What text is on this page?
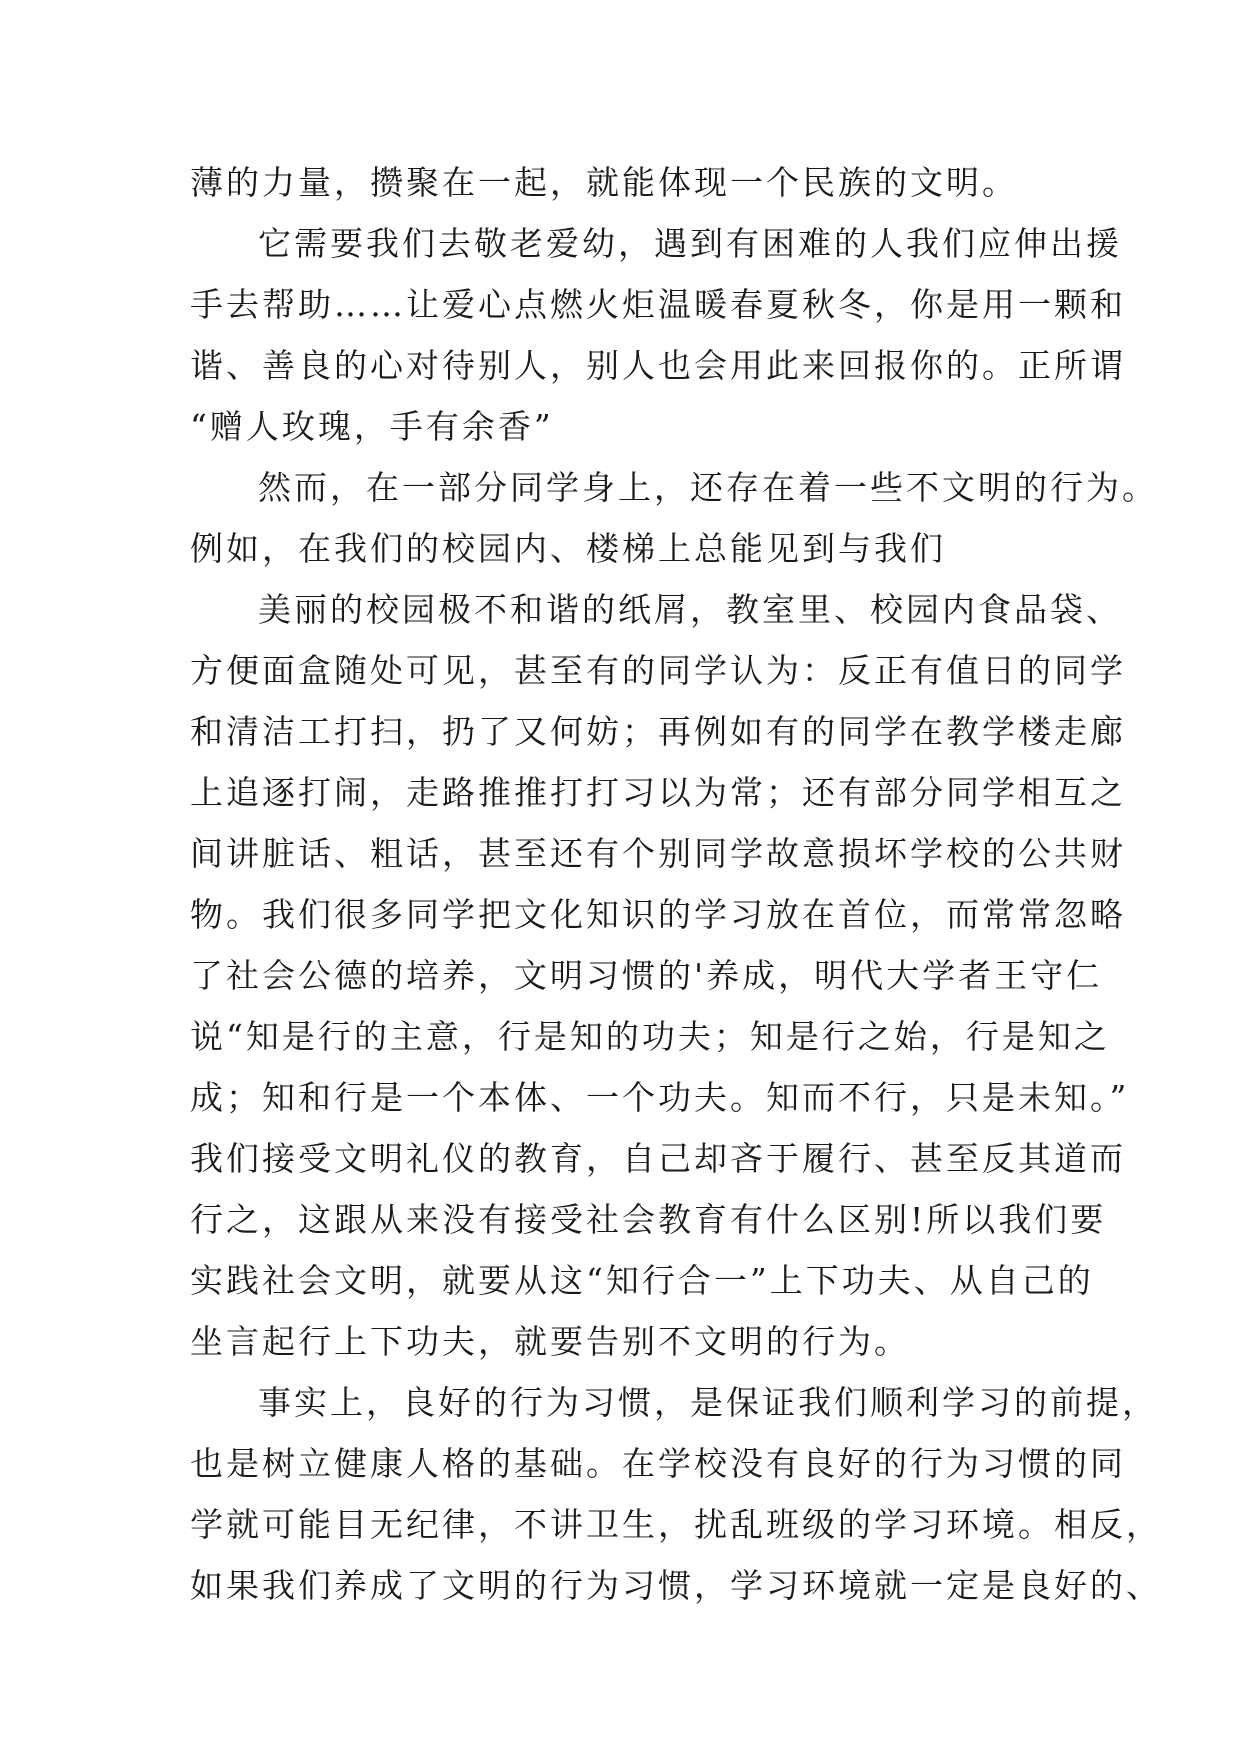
薄的力量，攒聚在一起，就能体现一个民族的文明。
它需要我们去敬老爱幼，遇到有困难的人我们应伸出援
手去帮助……让爱心点燃火炬温暖春夏秋冬，你是用一颗和
谐、善良的心对待别人，别人也会用此来回报你的。正所谓
“赠人玫瑰，手有余香”
然而，在一部分同学身上，还存在着一些不文明的行为。
例如，在我们的校园内、楼梯上总能见到与我们
美丽的校园极不和谐的纸屑，教室里、校园内食品袋、
方便面盒随处可见，甚至有的同学认为：反正有值日的同学
和清洁工打扫，扔了又何妨；再例如有的同学在教学楼走廊
上追逐打闹，走路推推打打习以为常；还有部分同学相互之
间讲脏话、粗话，甚至还有个别同学故意损坏学校的公共财
物。我们很多同学把文化知识的学习放在首位，而常常忽略
了社会公德的培养，文明习惯的'养成，明代大学者王守仁
说“知是行的主意，行是知的功夫；知是行之始，行是知之
成；知和行是一个本体、一个功夫。知而不行，只是未知。”
我们接受文明礼仪的教育，自己却吝于履行、甚至反其道而
行之，这跟从来没有接受社会教育有什么区别!所以我们要
实践社会文明，就要从这“知行合一”上下功夫、从自己的
坐言起行上下功夫，就要告别不文明的行为。
事实上，良好的行为习惯，是保证我们顺利学习的前提，
也是树立健康人格的基础。在学校没有良好的行为习惯的同
学就可能目无纪律，不讲卫生，扰乱班级的学习环境。相反，
如果我们养成了文明的行为习惯，学习环境就一定是良好的、
